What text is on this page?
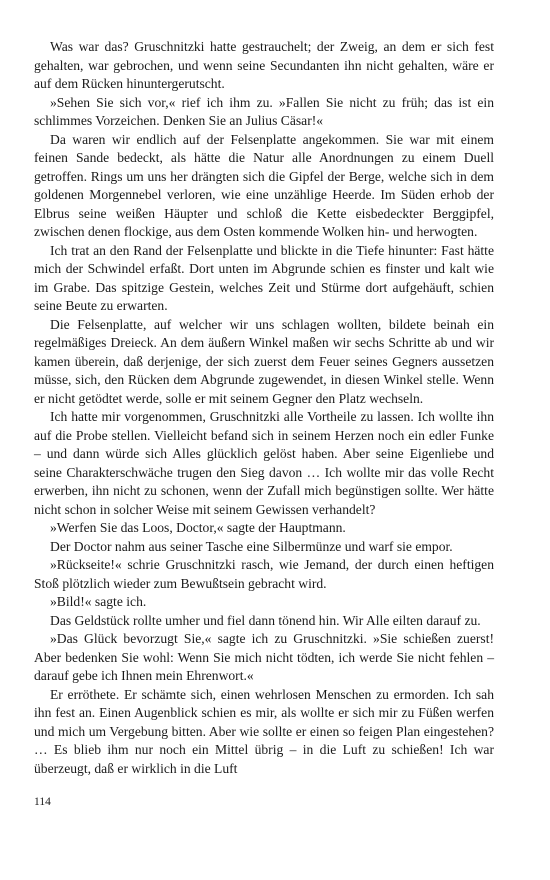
Was war das? Gruschnitzki hatte gestrauchelt; der Zweig, an dem er sich fest gehalten, war gebrochen, und wenn seine Secundanten ihn nicht gehalten, wäre er auf dem Rücken hinuntergerutscht.

»Sehen Sie sich vor,« rief ich ihm zu. »Fallen Sie nicht zu früh; das ist ein schlimmes Vorzeichen. Denken Sie an Julius Cäsar!«

Da waren wir endlich auf der Felsenplatte angekommen. Sie war mit einem feinen Sande bedeckt, als hätte die Natur alle Anordnungen zu einem Duell getroffen. Rings um uns her drängten sich die Gipfel der Berge, welche sich in dem goldenen Morgennebel verloren, wie eine unzählige Heerde. Im Süden erhob der Elbrus seine weißen Häupter und schloß die Kette eisbedeckter Berggipfel, zwischen denen flockige, aus dem Osten kommende Wolken hin- und herwogten.

Ich trat an den Rand der Felsenplatte und blickte in die Tiefe hinunter: Fast hätte mich der Schwindel erfaßt. Dort unten im Abgrunde schien es finster und kalt wie im Grabe. Das spitzige Gestein, welches Zeit und Stürme dort aufgehäuft, schien seine Beute zu erwarten.

Die Felsenplatte, auf welcher wir uns schlagen wollten, bildete beinah ein regelmäßiges Dreieck. An dem äußern Winkel maßen wir sechs Schritte ab und wir kamen überein, daß derjenige, der sich zuerst dem Feuer seines Gegners aussetzen müsse, sich, den Rücken dem Abgrunde zugewendet, in diesen Winkel stelle. Wenn er nicht getödtet werde, solle er mit seinem Gegner den Platz wechseln.

Ich hatte mir vorgenommen, Gruschnitzki alle Vortheile zu lassen. Ich wollte ihn auf die Probe stellen. Vielleicht befand sich in seinem Herzen noch ein edler Funke – und dann würde sich Alles glücklich gelöst haben. Aber seine Eigenliebe und seine Charakterschwäche trugen den Sieg davon … Ich wollte mir das volle Recht erwerben, ihn nicht zu schonen, wenn der Zufall mich begünstigen sollte. Wer hätte nicht schon in solcher Weise mit seinem Gewissen verhandelt?

»Werfen Sie das Loos, Doctor,« sagte der Hauptmann.

Der Doctor nahm aus seiner Tasche eine Silbermünze und warf sie empor.

»Rückseite!« schrie Gruschnitzki rasch, wie Jemand, der durch einen heftigen Stoß plötzlich wieder zum Bewußtsein gebracht wird.

»Bild!« sagte ich.

Das Geldstück rollte umher und fiel dann tönend hin. Wir Alle eilten darauf zu.

»Das Glück bevorzugt Sie,« sagte ich zu Gruschnitzki. »Sie schießen zuerst! Aber bedenken Sie wohl: Wenn Sie mich nicht tödten, ich werde Sie nicht fehlen – darauf gebe ich Ihnen mein Ehrenwort.«

Er erröthete. Er schämte sich, einen wehrlosen Menschen zu ermorden. Ich sah ihn fest an. Einen Augenblick schien es mir, als wollte er sich mir zu Füßen werfen und mich um Vergebung bitten. Aber wie sollte er einen so feigen Plan eingestehen? … Es blieb ihm nur noch ein Mittel übrig – in die Luft zu schießen! Ich war überzeugt, daß er wirklich in die Luft

114
